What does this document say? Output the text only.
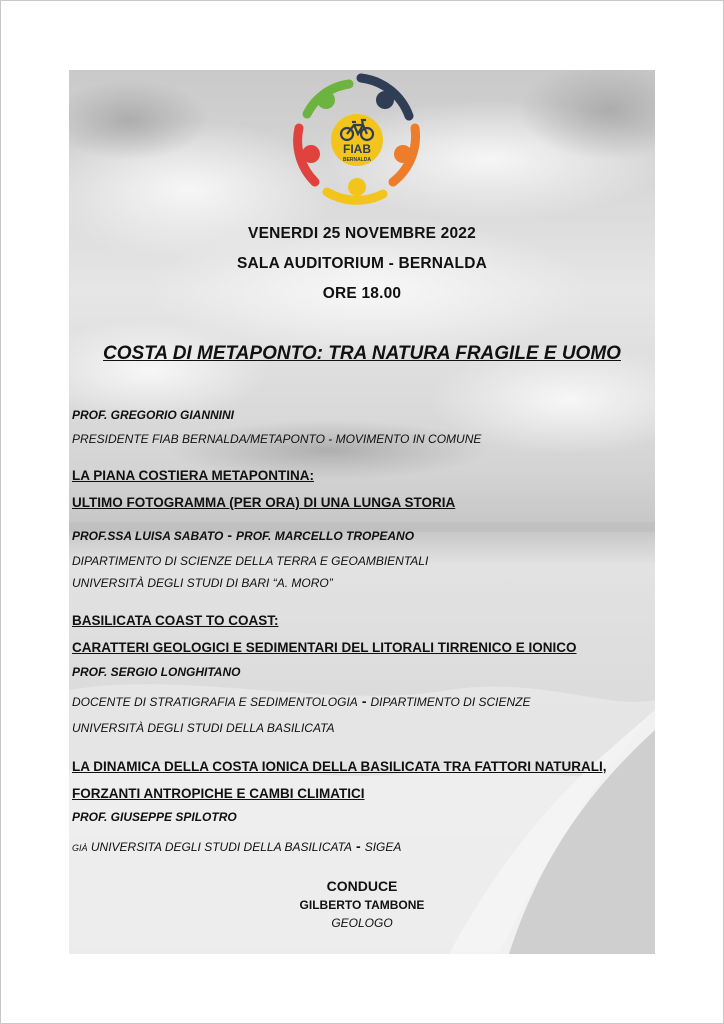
FIAB
BERNALDA
VENERDI 25 NOVEMBRE 2022
SALA AUDITORIUM - BERNALDA
ORE 18.00
COSTA DI METAPONTO: TRA NATURA FRAGILE E UOMO
PROF. GREGORIO GIANNINI
PRESIDENTE FIAB BERNALDA/METAPONTO - MOVIMENTO IN COMUNE
LA PIANA COSTIERA METAPONTINA:
ULTIMO FOTOGRAMMA (PER ORA) DI UNA LUNGA STORIA
PROF.SSA LUISA SABATO - PROF. MARCELLO TROPEANO
DIPARTIMENTO DI SCIENZE DELLA TERRA E GEOAMBIENTALI
UNIVERSITÀ DEGLI STUDI DI BARI “A. MORO”
BASILICATA COAST TO COAST:
CARATTERI GEOLOGICI E SEDIMENTARI DEL LITORALI TIRRENICO E IONICO
PROF. SERGIO LONGHITANO
DOCENTE DI STRATIGRAFIA E SEDIMENTOLOGIA - DIPARTIMENTO DI SCIENZE
UNIVERSITÀ DEGLI STUDI DELLA BASILICATA
LA DINAMICA DELLA COSTA IONICA DELLA BASILICATA TRA FATTORI NATURALI,
FORZANTI ANTROPICHE E CAMBI CLIMATICI
PROF. GIUSEPPE SPILOTRO
GIÀ UNIVERSITA DEGLI STUDI DELLA BASILICATA - SIGEA
CONDUCE
GILBERTO TAMBONE
GEOLOGO
